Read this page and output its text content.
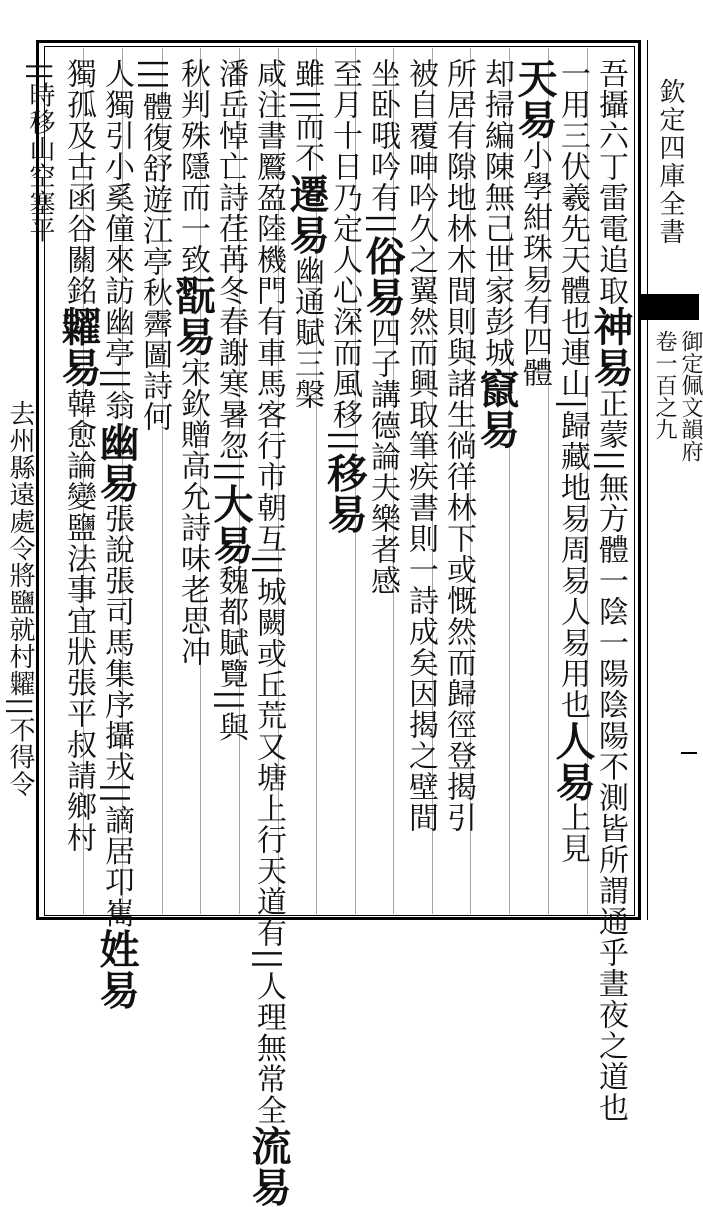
吾攝六丁雷電追取神易正蒙||無方體一陰一陽陰陽不測皆所謂通乎晝夜之道也
一用三伏羲先天體也連山|歸藏地易周易人易用也人易上見
天易小學紺珠易有四體
却掃編陳無己世家彭城竄易
所居有隙地林木間則與諸生徜徉林下或慨然而歸徑登揭引
被自覆呻吟久之翼然而興取筆疾書則一詩成矣因揭之壁間
坐卧哦吟有||俗易四子講德論夫樂者感
至月十日乃定人心深而風移||移易
雖||而不遷易幽通賦三槃
咸注書鷢盈陸機門有車馬客行市朝互||城闕或丘荒又塘上行天道有||人理無常全流易
潘岳悼亡詩荏苒冬春謝寒暑忽||大易魏都賦覽||與
秋判殊隱而一致翫易宋欽贈高允詩味老思冲
|||體復舒遊江亭秋霽圖詩何
人獨引小奚僮來訪幽亭||翁幽易張說張司馬集序攝戎||謫居卭嶲姓易
獨孤及古函谷關銘糶易韓愈論變鹽法事宜狀張平叔請鄉村
||時移山空塞平
去州縣遠處令將鹽就村糶||不得令
欽定四庫全書
御定佩文韻府
卷一百之九
